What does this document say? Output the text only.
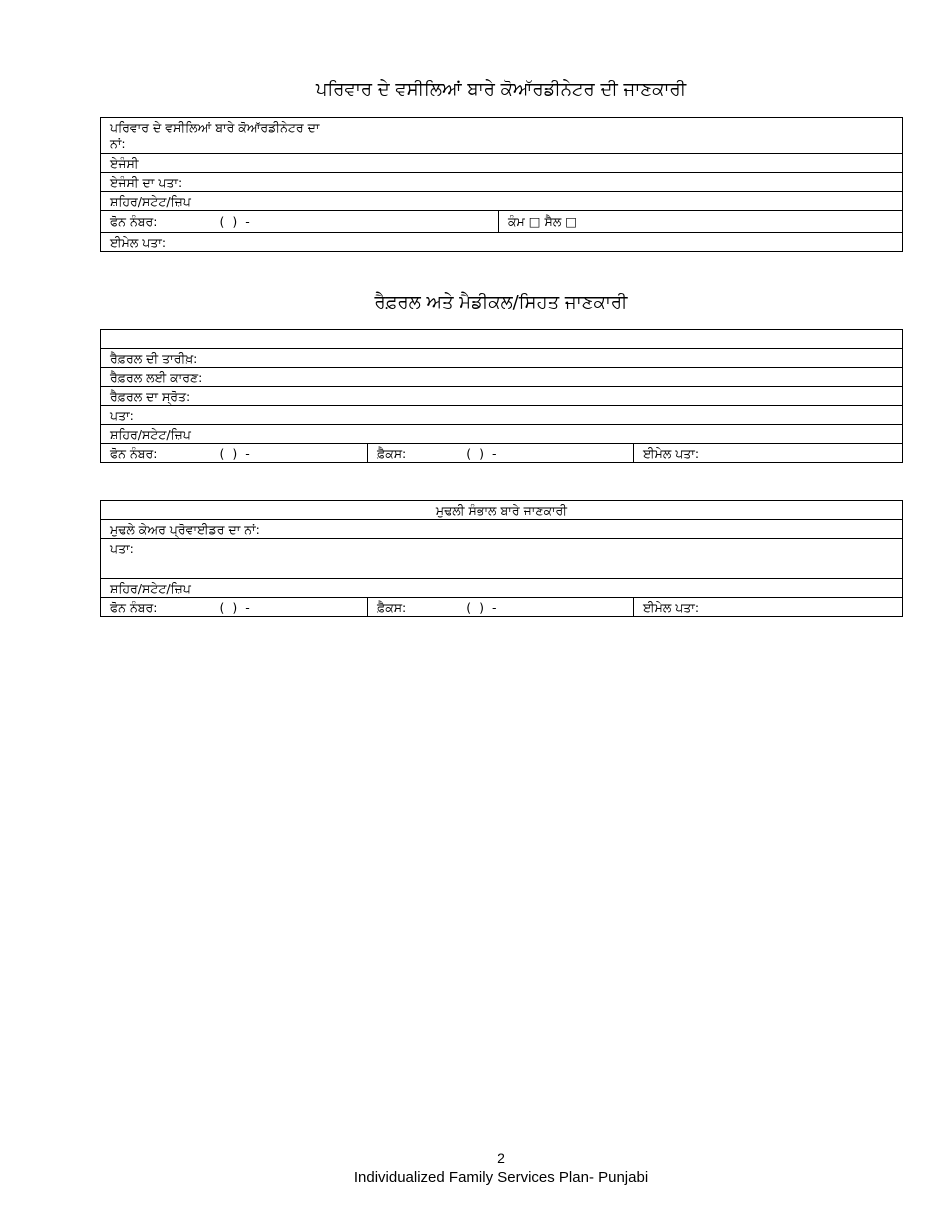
ਪਰਿਵਾਰ ਦੇ ਵਸੀਲਿਆਂ ਬਾਰੇ ਕੋਆੱਰਡੀਨੇਟਰ ਦੀ ਜਾਣਕਾਰੀ
ਪਰਿਵਾਰ ਦੇ ਵਸੀਲਿਆਂ ਬਾਰੇ ਕੋਆੱਰਡੀਨੇਟਰ ਦਾ
ਨਾਂ:

ਏਜੰਸੀ
ਏਜੰਸੀ ਦਾ ਪਤਾ:
ਸ਼ਹਿਰ/ਸਟੇਟ/ਜ਼ਿਪ
ਫੋਨ ਨੰਬਰ:	( ) -	ਕੰਮ □ ਸੈਲ □
ਈਮੇਲ ਪਤਾ:
ਰੈਫ਼ਰਲ ਅਤੇ ਮੈਡੀਕਲ/ਸਿਹਤ ਜਾਣਕਾਰੀ

ਰੈਫ਼ਰਲ ਦੀ ਤਾਰੀਖ਼:
ਰੈਫ਼ਰਲ ਲਈ ਕਾਰਣ:
ਰੈਫ਼ਰਲ ਦਾ ਸ੍ਰੋਤ:
ਪਤਾ:
ਸ਼ਹਿਰ/ਸਟੇਟ/ਜ਼ਿਪ
ਫੋਨ ਨੰਬਰ:	( ) -	ਫ਼ੈਕਸ:	( ) -	ਈਮੇਲ ਪਤਾ:
ਮੁਢਲੀ ਸੰਭਾਲ ਬਾਰੇ ਜਾਣਕਾਰੀ
ਮੁਢਲੇ ਕੇਅਰ ਪ੍ਰੋਵਾਈਡਰ ਦਾ ਨਾਂ:
ਪਤਾ:
ਸ਼ਹਿਰ/ਸਟੇਟ/ਜ਼ਿਪ
ਫੋਨ ਨੰਬਰ:	( ) -	ਫ਼ੈਕਸ:	( ) -	ਈਮੇਲ ਪਤਾ:
2
Individualized Family Services Plan- Punjabi
